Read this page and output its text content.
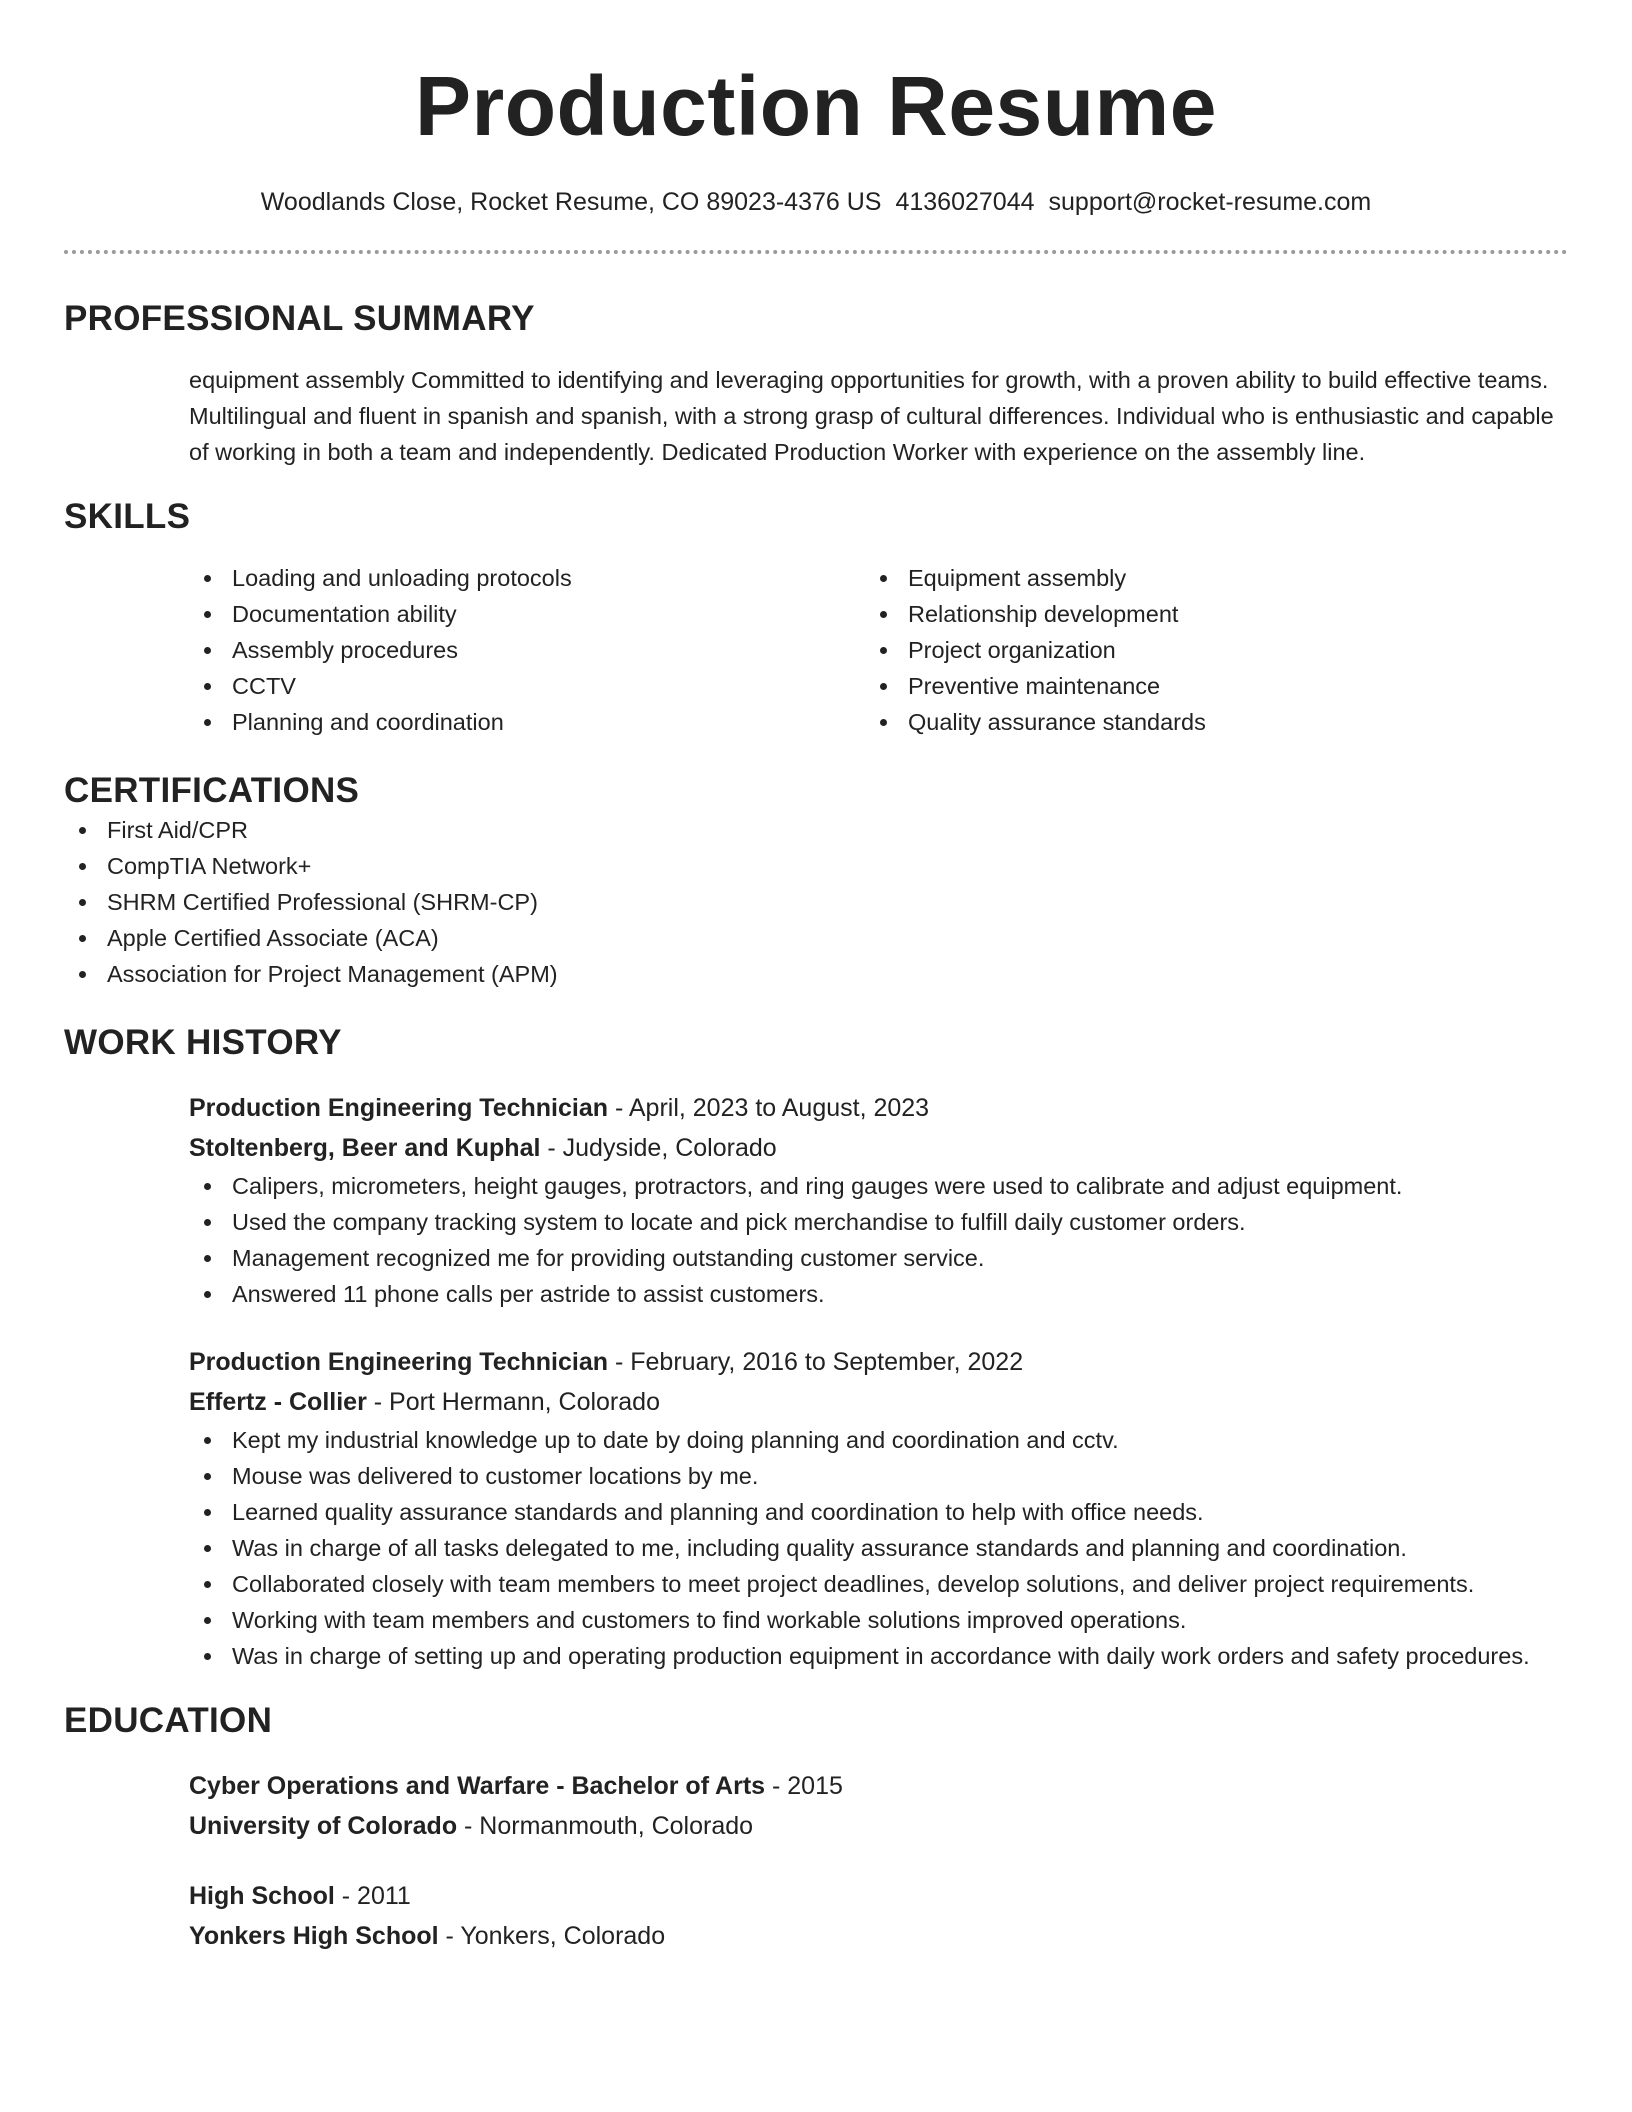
Production Resume
Woodlands Close, Rocket Resume, CO 89023-4376 US 4136027044 support@rocket-resume.com
PROFESSIONAL SUMMARY

equipment assembly Committed to identifying and leveraging opportunities for growth, with a proven ability to build effective teams. Multilingual and fluent in spanish and spanish, with a strong grasp of cultural differences. Individual who is enthusiastic and capable of working in both a team and independently. Dedicated Production Worker with experience on the assembly line.

SKILLS
Loading and unloading protocols
Documentation ability
Assembly procedures
CCTV
Planning and coordination
Equipment assembly
Relationship development
Project organization
Preventive maintenance
Quality assurance standards
CERTIFICATIONS
First Aid/CPR
CompTIA Network+
SHRM Certified Professional (SHRM-CP)
Apple Certified Associate (ACA)
Association for Project Management (APM)
WORK HISTORY
Production Engineering Technician - April, 2023 to August, 2023
Stoltenberg, Beer and Kuphal - Judyside, Colorado
Calipers, micrometers, height gauges, protractors, and ring gauges were used to calibrate and adjust equipment.
Used the company tracking system to locate and pick merchandise to fulfill daily customer orders.
Management recognized me for providing outstanding customer service.
Answered 11 phone calls per astride to assist customers.
Production Engineering Technician - February, 2016 to September, 2022
Effertz - Collier - Port Hermann, Colorado
Kept my industrial knowledge up to date by doing planning and coordination and cctv.
Mouse was delivered to customer locations by me.
Learned quality assurance standards and planning and coordination to help with office needs.
Was in charge of all tasks delegated to me, including quality assurance standards and planning and coordination.
Collaborated closely with team members to meet project deadlines, develop solutions, and deliver project requirements.
Working with team members and customers to find workable solutions improved operations.
Was in charge of setting up and operating production equipment in accordance with daily work orders and safety procedures.
EDUCATION
Cyber Operations and Warfare - Bachelor of Arts - 2015
University of Colorado - Normanmouth, Colorado
High School - 2011
Yonkers High School - Yonkers, Colorado
